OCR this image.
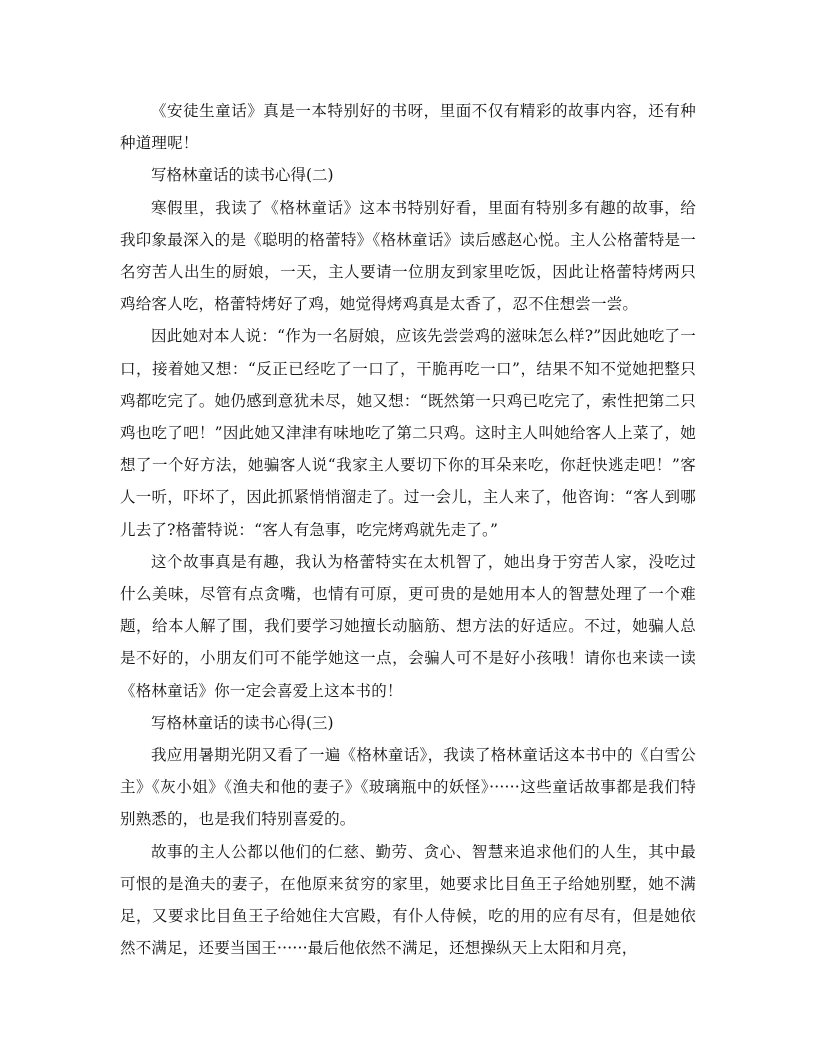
《安徒生童话》真是一本特别好的书呀，里面不仅有精彩的故事内容，还有种种道理呢！

写格林童话的读书心得(二)

寒假里，我读了《格林童话》这本书特别好看，里面有特别多有趣的故事，给我印象最深入的是《聪明的格蕾特》《格林童话》读后感赵心悦。主人公格蕾特是一名穷苦人出生的厨娘，一天，主人要请一位朋友到家里吃饭，因此让格蕾特烤两只鸡给客人吃，格蕾特烤好了鸡，她觉得烤鸡真是太香了，忍不住想尝一尝。

因此她对本人说：“作为一名厨娘，应该先尝尝鸡的滋味怎么样?”因此她吃了一口，接着她又想：“反正已经吃了一口了，干脆再吃一口”，结果不知不觉她把整只鸡都吃完了。她仍感到意犹未尽，她又想：“既然第一只鸡已吃完了，索性把第二只鸡也吃了吧！”因此她又津津有味地吃了第二只鸡。这时主人叫她给客人上菜了，她想了一个好方法，她骗客人说“我家主人要切下你的耳朵来吃，你赶快逃走吧！”客人一听，吓坏了，因此抓紧悄悄溜走了。过一会儿，主人来了，他咨询：“客人到哪儿去了?格蕾特说：“客人有急事，吃完烤鸡就先走了。”

这个故事真是有趣，我认为格蕾特实在太机智了，她出身于穷苦人家，没吃过什么美味，尽管有点贪嘴，也情有可原，更可贵的是她用本人的智慧处理了一个难题，给本人解了围，我们要学习她擅长动脑筋、想方法的好适应。不过，她骗人总是不好的，小朋友们可不能学她这一点，会骗人可不是好小孩哦！请你也来读一读《格林童话》你一定会喜爱上这本书的！

写格林童话的读书心得(三)

我应用暑期光阴又看了一遍《格林童话》，我读了格林童话这本书中的《白雪公主》《灰小姐》《渔夫和他的妻子》《玻璃瓶中的妖怪》······这些童话故事都是我们特别熟悉的，也是我们特别喜爱的。

故事的主人公都以他们的仁慈、勤劳、贪心、智慧来追求他们的人生，其中最可恨的是渔夫的妻子，在他原来贫穷的家里，她要求比目鱼王子给她别墅，她不满足，又要求比目鱼王子给她住大宫殿，有仆人侍候，吃的用的应有尽有，但是她依然不满足，还要当国王······最后他依然不满足，还想操纵天上太阳和月亮，
